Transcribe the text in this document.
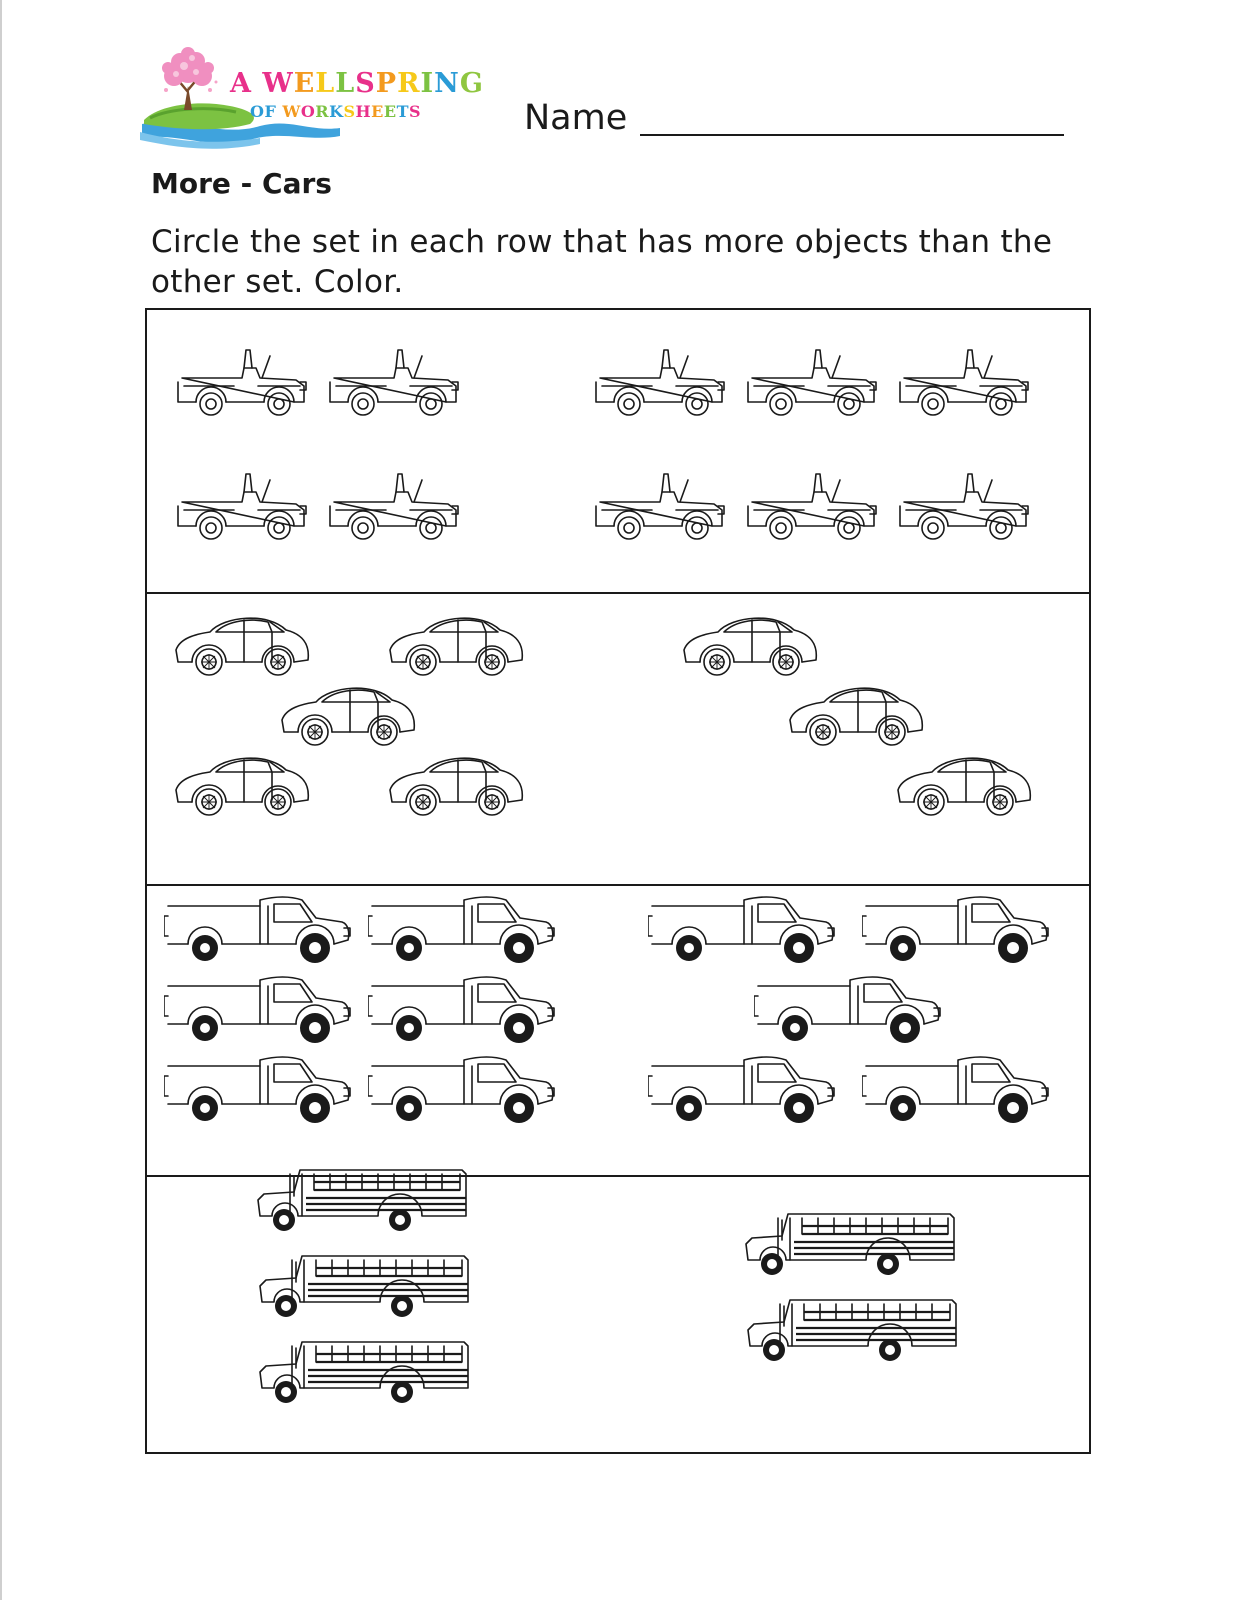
A WELLSPRING
OF WORKSHEETS	Name
More - Cars
Circle the set in each row that has more objects than the other set. Color.
